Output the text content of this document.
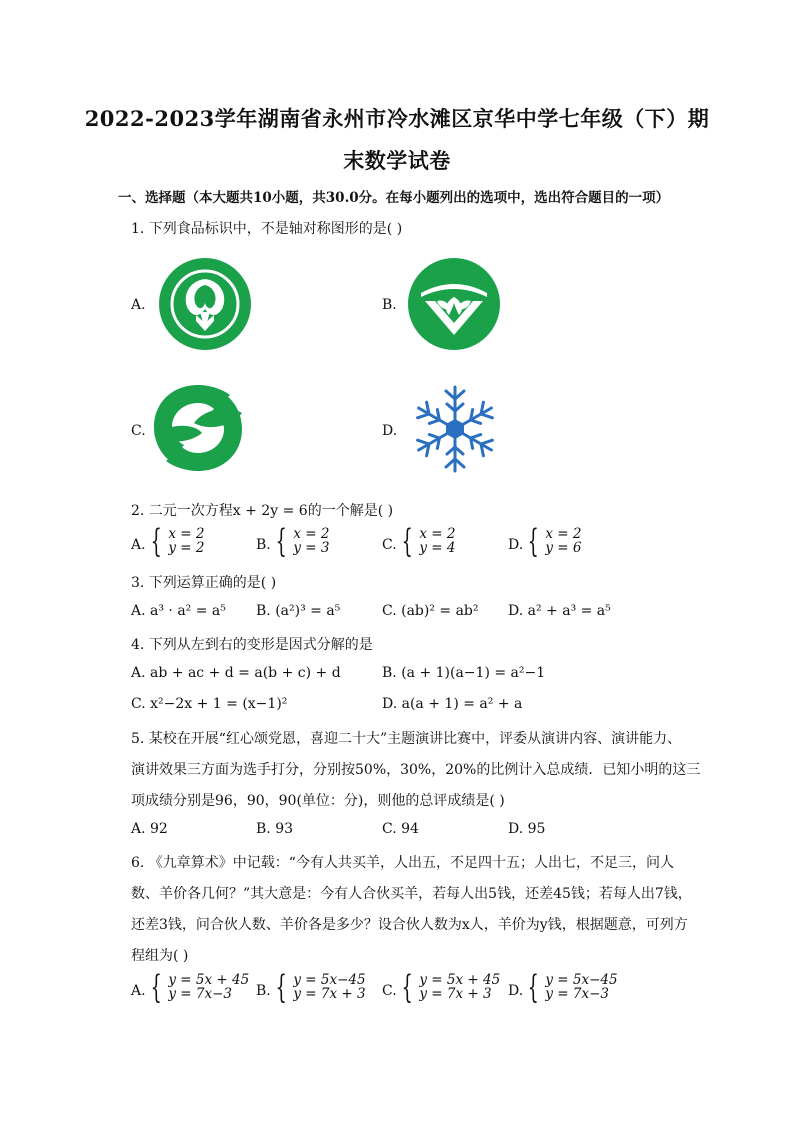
2022-2023学年湖南省永州市冷水滩区京华中学七年级（下）期
末数学试卷
一、选择题（本大题共10小题，共30.0分。在每小题列出的选项中，选出符合题目的一项）
1. 下列食品标识中，不是轴对称图形的是( )
A.	B.
C.	D.
2. 二元一次方程x + 2y = 6的一个解是( )
A. { x = 2
y = 2	B. { x = 2
y = 3	C. { x = 2
y = 4	D. { x = 2
y = 6
3. 下列运算正确的是( )
A. a³ · a² = a⁵ B. (a²)³ = a⁵	C. (ab)² = ab² D. a² + a³ = a⁵
4. 下列从左到右的变形是因式分解的是
A. ab + ac + d = a(b + c) + d	B. (a + 1)(a−1) = a²−1
C. x²−2x + 1 = (x−1)²	D. a(a + 1) = a² + a
5. 某校在开展“红心颂党恩，喜迎二十大”主题演讲比赛中，评委从演讲内容、演讲能力、
演讲效果三方面为选手打分，分别按50%，30%，20%的比例计入总成绩．已知小明的这三
项成绩分别是96，90，90(单位：分)，则他的总评成绩是( )
A. 92	B. 93	C. 94	D. 95
6. 《九章算术》中记载：“今有人共买羊，人出五，不足四十五；人出七，不足三，问人
数、羊价各几何？”其大意是：今有人合伙买羊，若每人出5钱，还差45钱；若每人出7钱，
还差3钱，问合伙人数、羊价各是多少？设合伙人数为x人，羊价为y钱，根据题意，可列方
程组为( )
A. { y = 5x + 45
y = 7x−3	B. { y = 5x−45
y = 7x + 3 C. { y = 5x + 45
y = 7x + 3	D. { y = 5x−45
y = 7x−3
